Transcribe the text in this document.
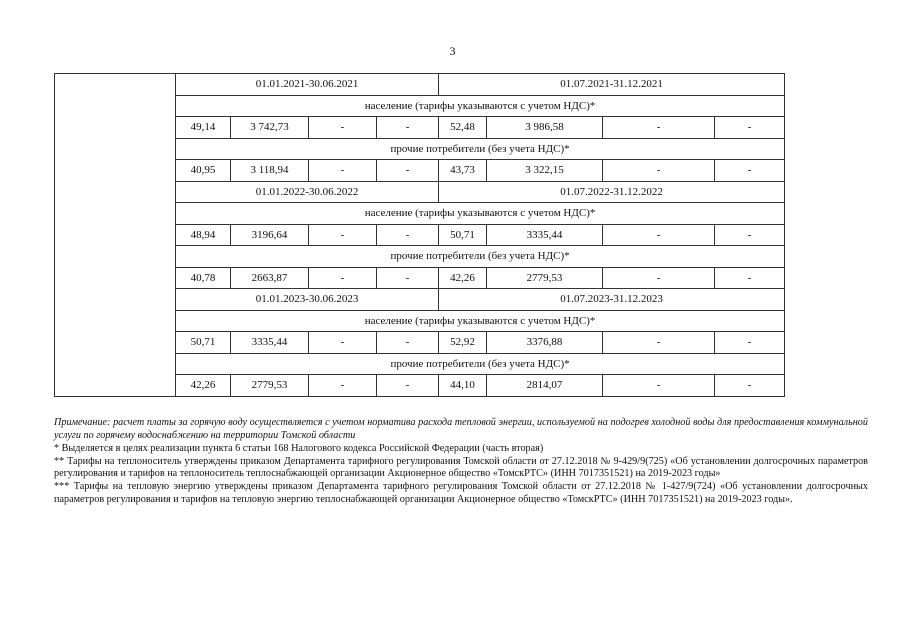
3
	01.01.2021-30.06.2021				01.07.2021-31.12.2021			
	население (тарифы указываются с учетом НДС)*							
	49,14	3 742,73	-	-	52,48	3 986,58	-	-
	прочие потребители (без учета НДС)*							
	40,95	3 118,94	-	-	43,73	3 322,15	-	-
	01.01.2022-30.06.2022				01.07.2022-31.12.2022			
	население (тарифы указываются с учетом НДС)*							
	48,94	3196,64	-	-	50,71	3335,44	-	-
	прочие потребители (без учета НДС)*							
	40,78	2663,87	-	-	42,26	2779,53	-	-
	01.01.2023-30.06.2023				01.07.2023-31.12.2023			
	население (тарифы указываются с учетом НДС)*							
	50,71	3335,44	-	-	52,92	3376,88	-	-
	прочие потребители (без учета НДС)*							
	42,26	2779,53	-	-	44,10	2814,07	-	-

Примечание: расчет платы за горячую воду осуществляется с учетом норматива расхода тепловой энергии, используемой на подогрев холодной воды для предоставления коммунальной услуги по горячему водоснабжению на территории Томской области

* Выделяется в целях реализации пункта 6 статьи 168 Налогового кодекса Российской Федерации (часть вторая)

** Тарифы на теплоноситель утверждены приказом Департамента тарифного регулирования Томской области от 27.12.2018 № 9-429/9(725) «Об установлении долгосрочных параметров регулирования и тарифов на теплоноситель теплоснабжающей организации Акционерное общество «ТомскРТС» (ИНН 7017351521) на 2019-2023 годы»

*** Тарифы на тепловую энергию утверждены приказом Департамента тарифного регулирования Томской области от 27.12.2018 № 1-427/9(724) «Об установлении долгосрочных параметров регулирования и тарифов на тепловую энергию теплоснабжающей организации Акционерное общество «ТомскРТС» (ИНН 7017351521) на 2019-2023 годы».
